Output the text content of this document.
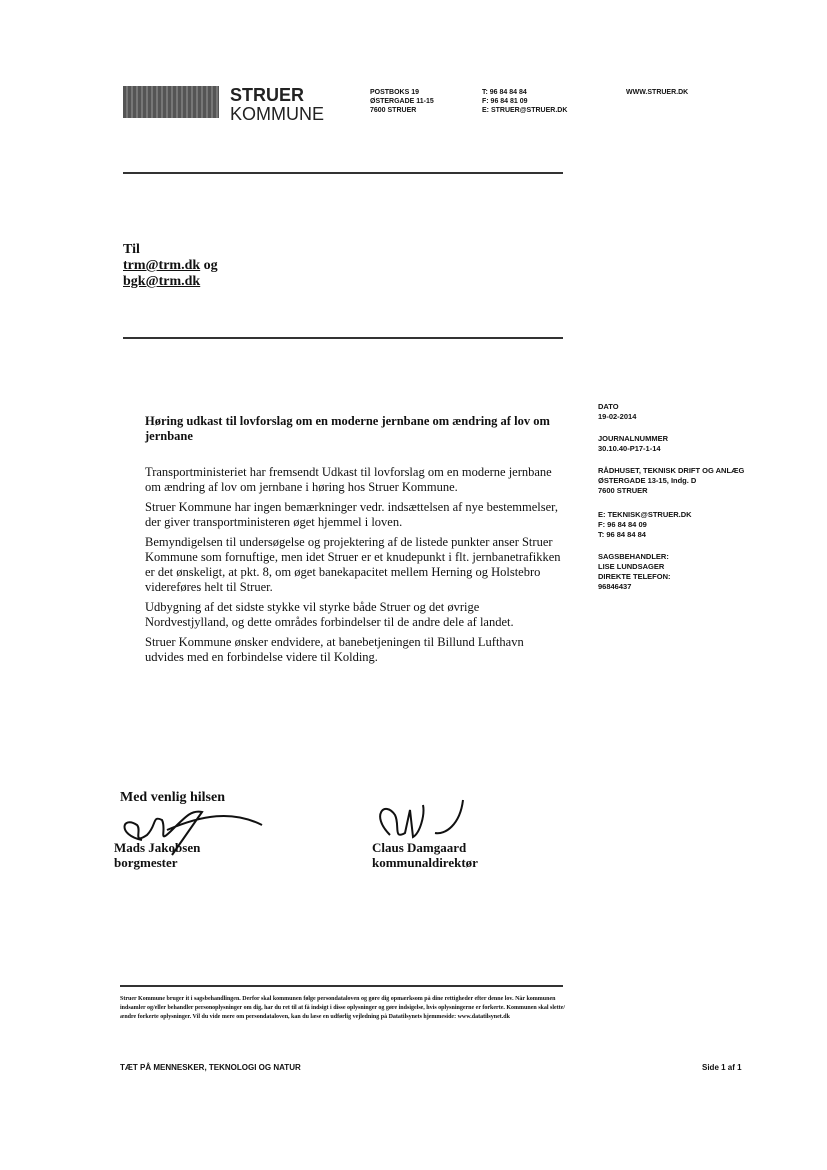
STRUER
KOMMUNE
POSTBOKS 19
ØSTERGADE 11-15
7600 STRUER
T: 96 84 84 84
F: 96 84 81 09
E: STRUER@STRUER.DK
WWW.STRUER.DK
Til
trm@trm.dk og
bgk@trm.dk
DATO
19-02-2014
JOURNALNUMMER
30.10.40-P17-1-14
RÅDHUSET, TEKNISK DRIFT OG ANLÆG
ØSTERGADE 13-15, Indg. D
7600 STRUER
E: TEKNISK@STRUER.DK
F: 96 84 84 09
T: 96 84 84 84
SAGSBEHANDLER:
LISE LUNDSAGER
DIREKTE TELEFON:
96846437
Høring udkast til lovforslag om en moderne jernbane om ændring af lov om jernbane

Transportministeriet har fremsendt Udkast til lovforslag om en moderne jernbane om ændring af lov om jernbane i høring hos Struer Kommune.

Struer Kommune har ingen bemærkninger vedr. indsættelsen af nye bestemmelser, der giver transportministeren øget hjemmel i loven.

Bemyndigelsen til undersøgelse og projektering af de listede punkter anser Struer Kommune som fornuftige, men idet Struer er et knudepunkt i flt. jernbanetrafikken er det ønskeligt, at pkt. 8, om øget banekapacitet mellem Herning og Holstebro videreføres helt til Struer.

Udbygning af det sidste stykke vil styrke både Struer og det øvrige Nordvestjylland, og dette områdes forbindelser til de andre dele af landet.

Struer Kommune ønsker endvidere, at banebetjeningen til Billund Lufthavn udvides med en forbindelse videre til Kolding.

Med venlig hilsen
Mads Jakobsen
borgmester
Claus Damgaard
kommunaldirektør
Struer Kommune bruger it i sagsbehandlingen. Derfor skal kommunen følge persondataloven og gøre dig opmærksom på dine rettigheder efter denne lov. Når kommunen indsamler og/eller behandler personoplysninger om dig, har du ret til at få indsigt i disse oplysninger og gøre indsigelse, hvis oplysningerne er forkerte. Kommunen skal slette/ændre forkerte oplysninger. Vil du vide mere om persondataloven, kan du læse en udførlig vejledning på Datatilsynets hjemmeside: www.datatilsynet.dk
TÆT PÅ MENNESKER, TEKNOLOGI OG NATUR	Side 1 af 1
